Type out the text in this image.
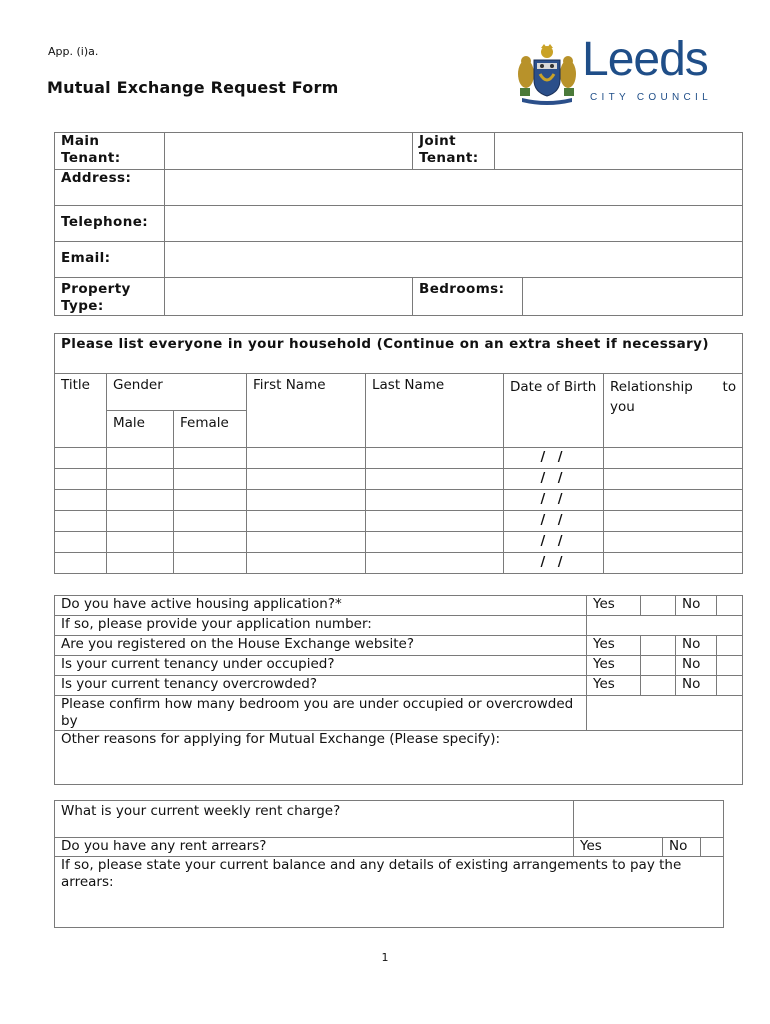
App. (i)a.
Mutual Exchange Request Form
Leeds
CITY COUNCIL
Main Tenant:		Joint Tenant:		
Address:				
Telephone:				
Email:				
Property Type:		Bedrooms:		
Please list everyone in your household (Continue on an extra sheet if necessary)						
Title	Gender		First Name	Last Name	Date of Birth	Relationship to you
	Male	Female				
					/ /	
					/ /	
					/ /	
					/ /	
					/ /	
					/ /	
Do you have active housing application?*	Yes		No	
If so, please provide your application number:				
Are you registered on the House Exchange website?	Yes		No	
Is your current tenancy under occupied?	Yes		No	
Is your current tenancy overcrowded?	Yes		No	
Please confirm how many bedroom you are under occupied or overcrowded by				
Other reasons for applying for Mutual Exchange (Please specify):				
What is your current weekly rent charge?			
Do you have any rent arrears?	Yes	No	
If so, please state your current balance and any details of existing arrangements to pay the arrears:			
1
